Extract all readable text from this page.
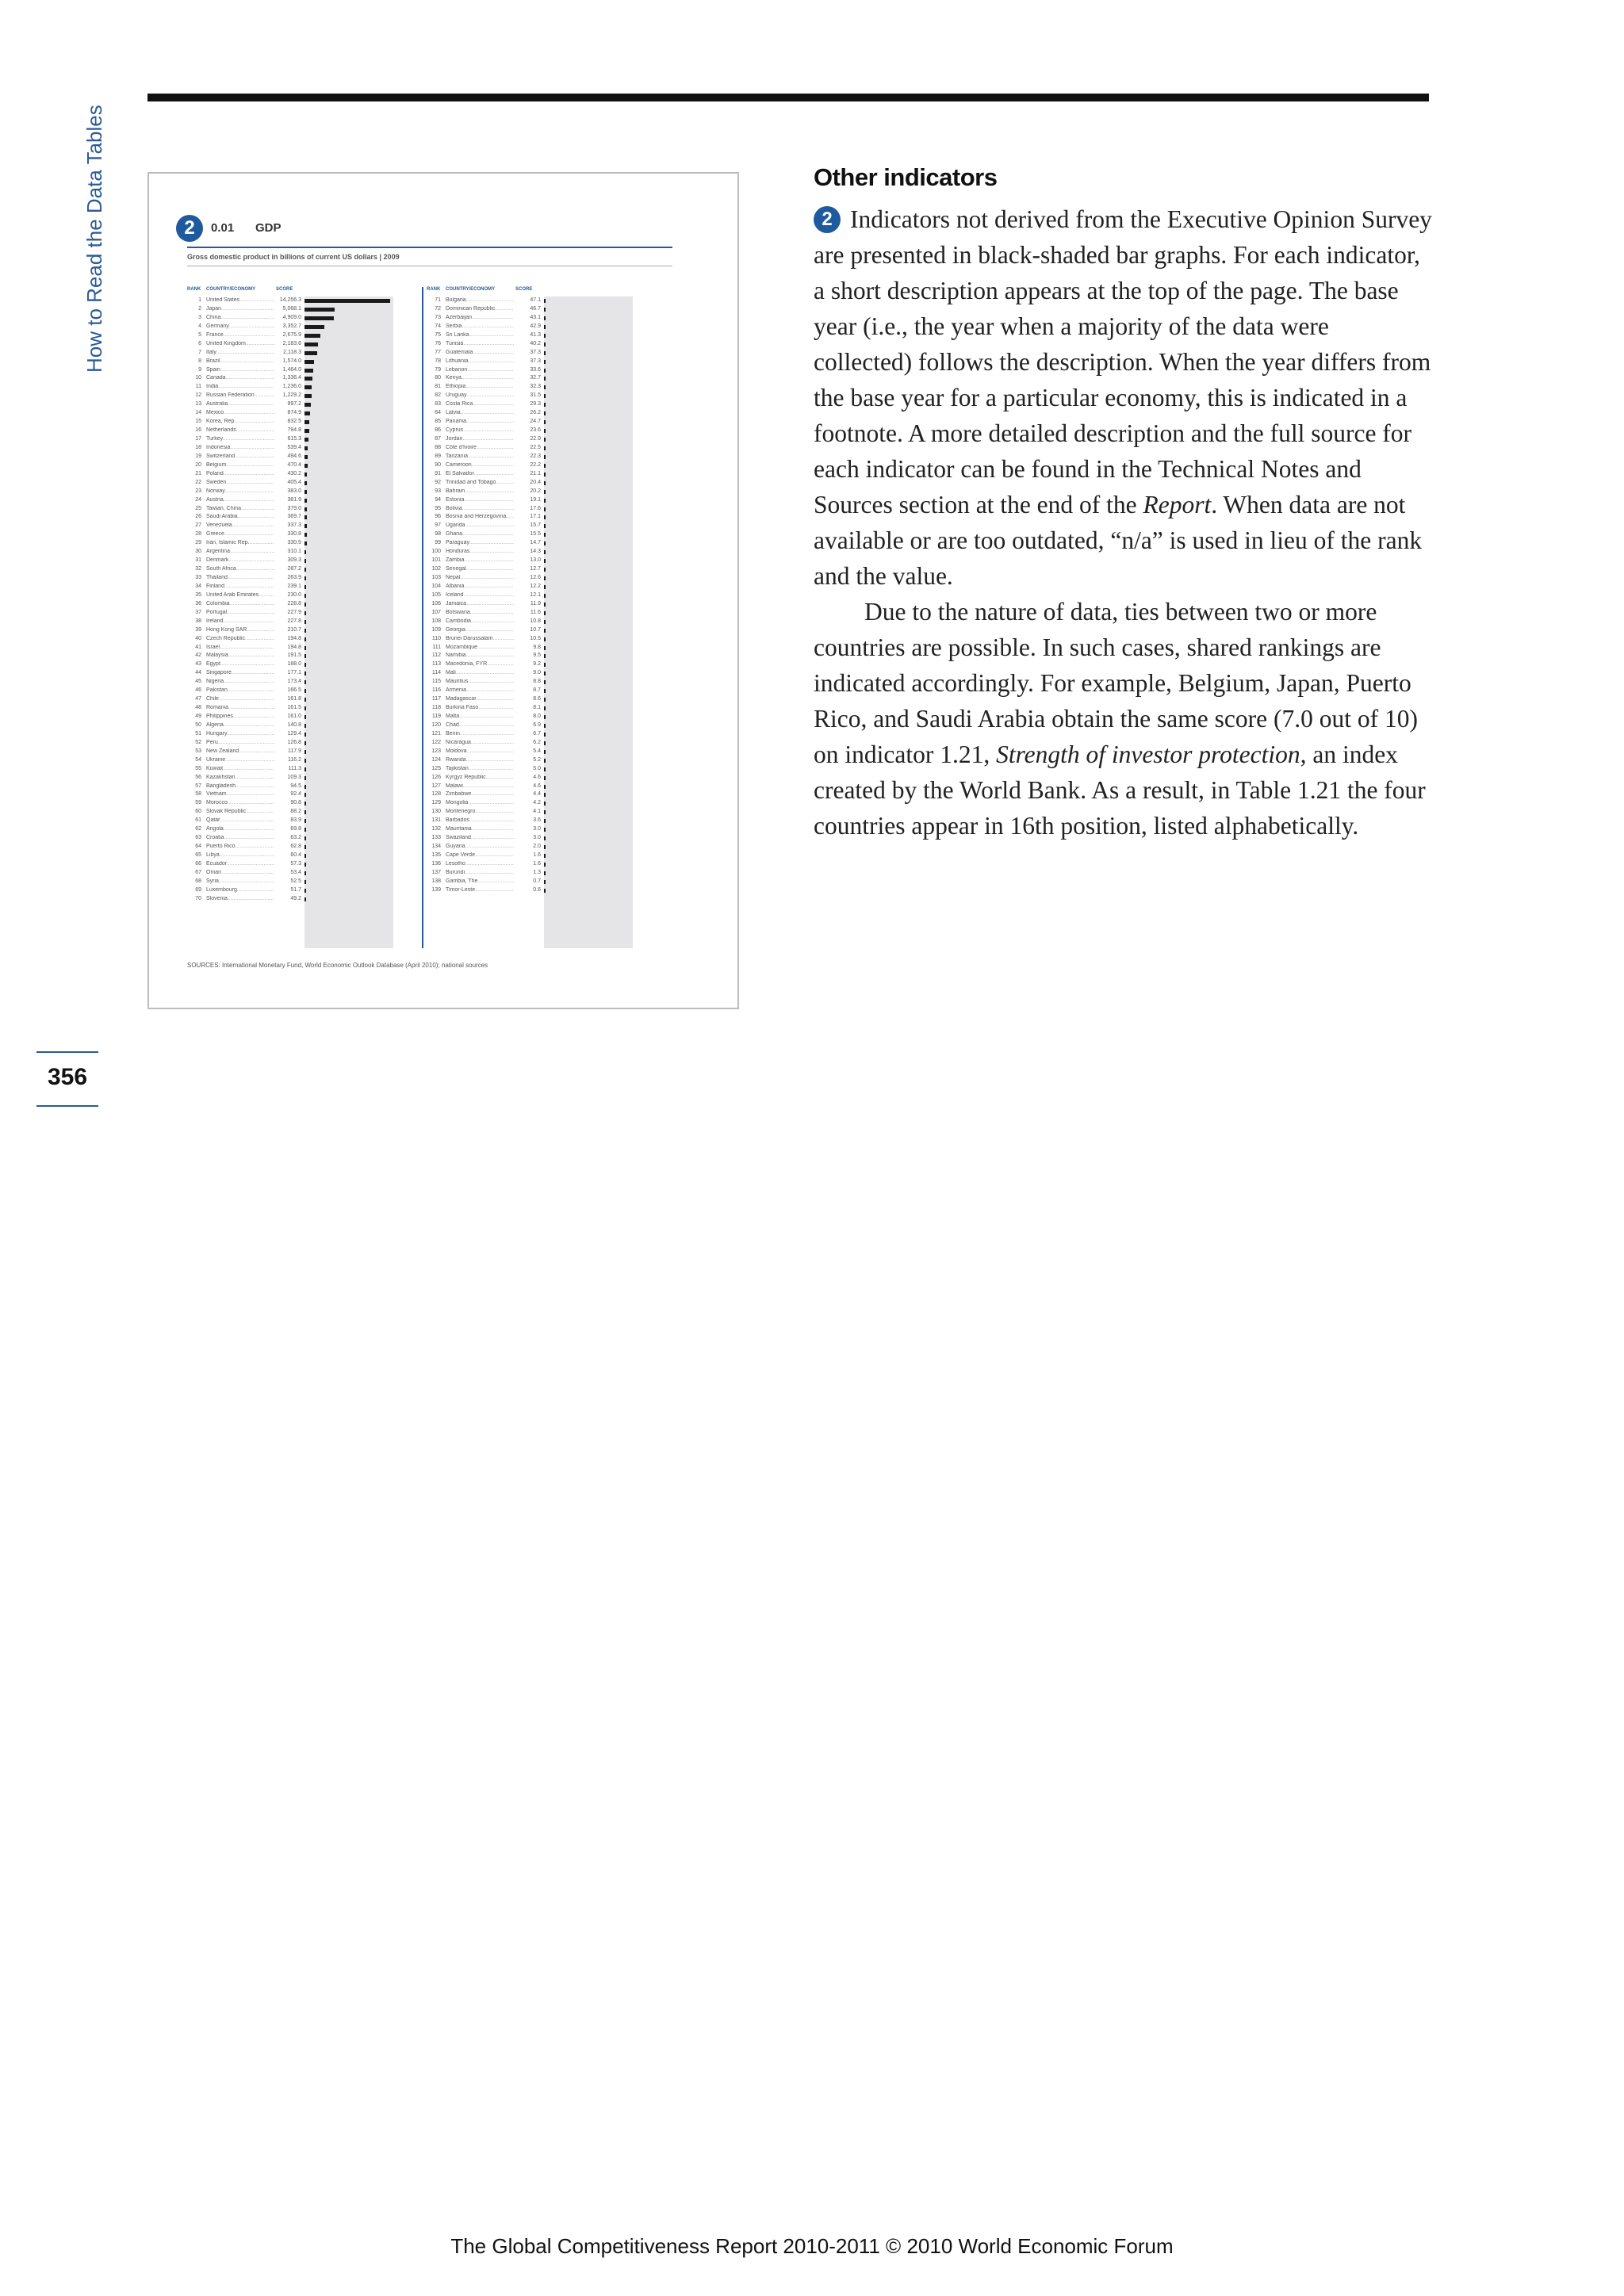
How to Read the Data Tables
356
2	0.01 GDP
Gross domestic product in billions of current US dollars | 2009
RANK COUNTRY/ECONOMY	SCORE
1 United States .....	14,256.3
2 Japan .....	5,068.1
3 China .....	4,909.0
4 Germany .....	3,352.7
5 France .....	2,675.9
6 United Kingdom .....	2,183.6
7 Italy .....	2,118.3
8 Brazil .....	1,574.0
9 Spain .....	1,464.0
10 Canada .....	1,336.4
11 India .....	1,236.0
12 Russian Federation .....	1,229.2
13 Australia .....	997.2
14 Mexico .....	874.9
15 Korea, Rep. .....	832.5
16 Netherlands .....	794.8
17 Turkey .....	615.3
18 Indonesia .....	539.4
19 Switzerland .....	494.6
20 Belgium .....	470.4
21 Poland .....	430.2
22 Sweden .....	405.4
23 Norway .....	383.0
24 Austria .....	381.9
25 Taiwan, China .....	379.0
26 Saudi Arabia .....	369.7
27 Venezuela .....	337.3
28 Greece .....	330.8
29 Iran, Islamic Rep. .....	330.5
30 Argentina .....	310.1
31 Denmark .....	309.3
32 South Africa .....	287.2
33 Thailand .....	263.9
34 Finland .....	239.1
35 United Arab Emirates .....	230.0
36 Colombia .....	228.8
37 Portugal .....	227.9
38 Ireland .....	227.8
39 Hong Kong SAR .....	210.7
40 Czech Republic .....	194.8
41 Israel .....	194.8
42 Malaysia .....	191.5
43 Egypt .....	188.0
44 Singapore .....	177.1
45 Nigeria .....	173.4
46 Pakistan .....	166.5
47 Chile .....	161.8
48 Romania .....	161.5
49 Philippines .....	161.0
50 Algeria .....	140.8
51 Hungary .....	129.4
52 Peru .....	126.8
53 New Zealand .....	117.9
54 Ukraine .....	116.2
55 Kuwait .....	111.3
56 Kazakhstan .....	109.3
57 Bangladesh .....	94.5
58 Vietnam .....	92.4
59 Morocco .....	90.8
60 Slovak Republic .....	88.2
61 Qatar .....	83.9
62 Angola .....	69.8
63 Croatia .....	63.2
64 Puerto Rico .....	62.8
65 Libya .....	60.4
66 Ecuador .....	57.3
67 Oman .....	53.4
68 Syria .....	52.5
69 Luxembourg .....	51.7
70 Slovenia .....	49.2
RANK COUNTRY/ECONOMY	SCORE
71 Bulgaria .....	47.1
72 Dominican Republic .....	46.7
73 Azerbaijan .....	43.1
74 Serbia .....	42.9
75 Sri Lanka .....	41.3
76 Tunisia .....	40.2
77 Guatemala .....	37.3
78 Lithuania .....	37.3
79 Lebanon .....	33.6
80 Kenya .....	32.7
81 Ethiopia .....	32.3
82 Uruguay .....	31.5
83 Costa Rica .....	29.3
84 Latvia .....	26.2
85 Panama .....	24.7
86 Cyprus .....	23.6
87 Jordan .....	22.9
88 Côte d'Ivoire .....	22.5
89 Tanzania .....	22.3
90 Cameroon .....	22.2
91 El Salvador .....	21.1
92 Trinidad and Tobago .....	20.4
93 Bahrain .....	20.2
94 Estonia .....	19.1
95 Bolivia .....	17.6
96 Bosnia and Herzegovina .....	17.1
97 Uganda .....	15.7
98 Ghana .....	15.5
99 Paraguay .....	14.7
100 Honduras .....	14.3
101 Zambia .....	13.0
102 Senegal .....	12.7
103 Nepal .....	12.6
104 Albania .....	12.2
105 Iceland .....	12.1
106 Jamaica .....	11.9
107 Botswana .....	11.6
108 Cambodia .....	10.8
109 Georgia .....	10.7
110 Brunei Darussalam .....	10.5
111 Mozambique .....	9.8
112 Namibia .....	9.5
113 Macedonia, FYR .....	9.2
114 Mali .....	9.0
115 Mauritius .....	8.8
116 Armenia .....	8.7
117 Madagascar .....	8.6
118 Burkina Faso .....	8.1
119 Malta .....	8.0
120 Chad .....	6.9
121 Benin .....	6.7
122 Nicaragua .....	6.2
123 Moldova .....	5.4
124 Rwanda .....	5.2
125 Tajikistan .....	5.0
126 Kyrgyz Republic .....	4.6
127 Malawi .....	4.6
128 Zimbabwe .....	4.4
129 Mongolia .....	4.2
130 Montenegro .....	4.1
131 Barbados .....	3.6
132 Mauritania .....	3.0
133 Swaziland .....	3.0
134 Guyana .....	2.0
135 Cape Verde .....	1.6
136 Lesotho .....	1.6
137 Burundi .....	1.3
138 Gambia, The .....	0.7
139 Timor-Leste .....	0.6
SOURCES: International Monetary Fund, World Economic Outlook Database (April 2010); national sources
Other indicators

2 Indicators not derived from the Executive Opinion Survey are presented in black-shaded bar graphs. For each indicator, a short description appears at the top of the page. The base year (i.e., the year when a majority of the data were collected) follows the description. When the year differs from the base year for a particular economy, this is indicated in a footnote. A more detailed description and the full source for each indicator can be found in the Technical Notes and Sources section at the end of the Report. When data are not available or are too outdated, “n/a” is used in lieu of the rank and the value.

Due to the nature of data, ties between two or more countries are possible. In such cases, shared rankings are indicated accordingly. For example, Belgium, Japan, Puerto Rico, and Saudi Arabia obtain the same score (7.0 out of 10) on indicator 1.21, Strength of investor protection, an index created by the World Bank. As a result, in Table 1.21 the four countries appear in 16th position, listed alphabetically.

The Global Competitiveness Report 2010-2011 © 2010 World Economic Forum
